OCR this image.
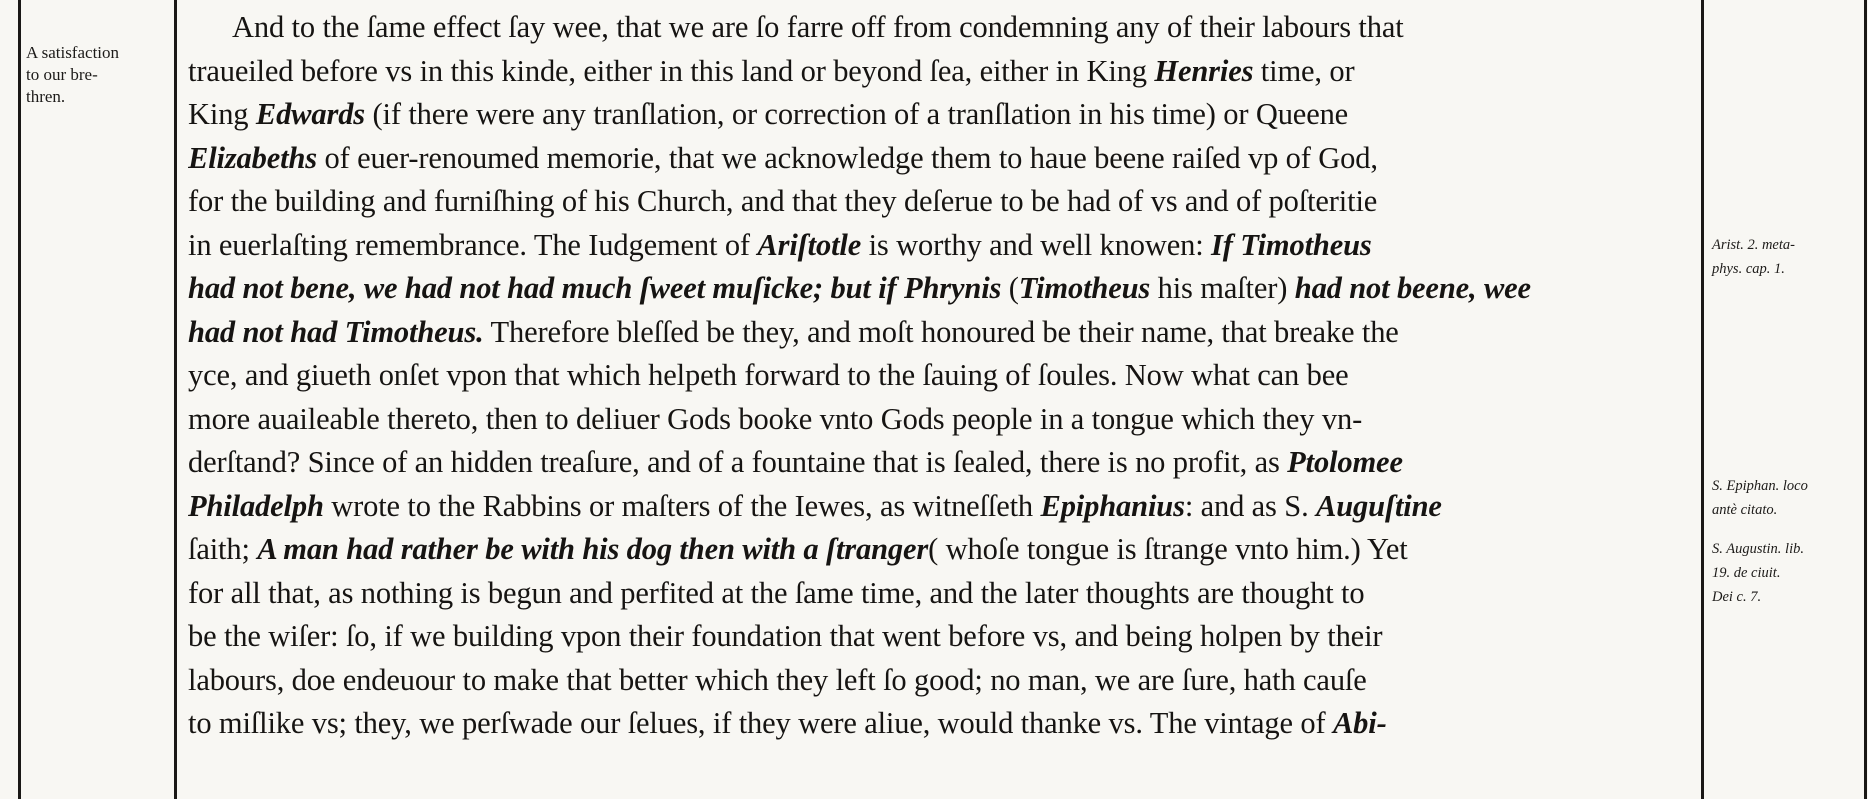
A satisfaction
to our bre-
thren.
And to the ſame effect ſay wee, that we are ſo farre off from condemning any of their labours that
traueiled before vs in this kinde, either in this land or beyond ſea, either in King Henries time, or
King Edwards (if there were any tranſlation, or correction of a tranſlation in his time) or Queene
Elizabeths of euer-renoumed memorie, that we acknowledge them to haue beene raiſed vp of God,
for the building and furniſhing of his Church, and that they deſerue to be had of vs and of poſteritie
in euerlaſting remembrance. The Iudgement of Ariſtotle is worthy and well knowen: If Timotheus
had not bene, we had not had much ſweet muſicke; but if Phrynis (Timotheus his maſter) had not beene, wee
had not had Timotheus. Therefore bleſſed be they, and moſt honoured be their name, that breake the
yce, and giueth onſet vpon that which helpeth forward to the ſauing of ſoules. Now what can bee
more auaileable thereto, then to deliuer Gods booke vnto Gods people in a tongue which they vn-
derſtand? Since of an hidden treaſure, and of a fountaine that is ſealed, there is no profit, as Ptolomee
Philadelph wrote to the Rabbins or maſters of the Iewes, as witneſſeth Epiphanius: and as S. Auguſtine
ſaith; A man had rather be with his dog then with a ſtranger( whoſe tongue is ſtrange vnto him.) Yet
for all that, as nothing is begun and perfited at the ſame time, and the later thoughts are thought to
be the wiſer: ſo, if we building vpon their foundation that went before vs, and being holpen by their
labours, doe endeuour to make that better which they left ſo good; no man, we are ſure, hath cauſe
to miſlike vs; they, we perſwade our ſelues, if they were aliue, would thanke vs. The vintage of Abi-
Arist. 2. meta-
phys. cap. 1.
S. Epiphan. loco
antè citato.
S. Augustin. lib.
19. de ciuit.
Dei c. 7.
